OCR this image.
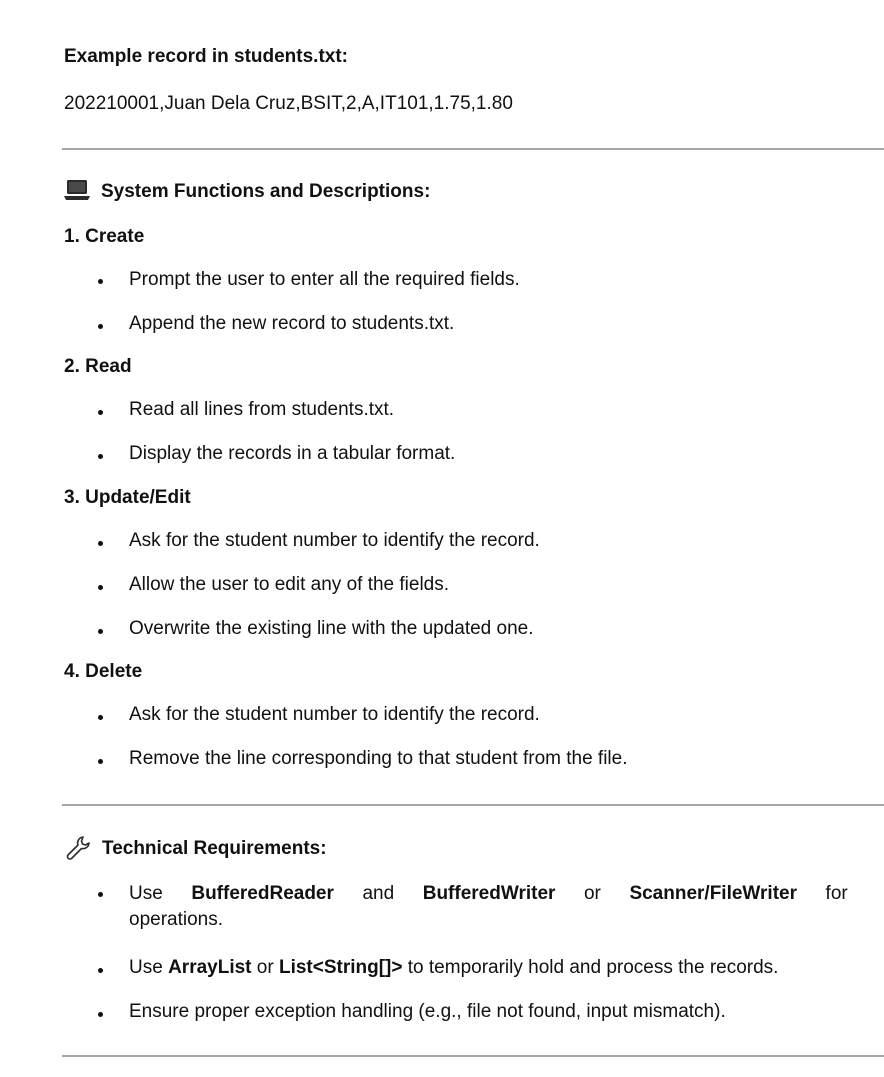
Example record in students.txt:
202210001,Juan Dela Cruz,BSIT,2,A,IT101,1.75,1.80
System Functions and Descriptions:
1. Create
Prompt the user to enter all the required fields.
Append the new record to students.txt.
2. Read
Read all lines from students.txt.
Display the records in a tabular format.
3. Update/Edit
Ask for the student number to identify the record.
Allow the user to edit any of the fields.
Overwrite the existing line with the updated one.
4. Delete
Ask for the student number to identify the record.
Remove the line corresponding to that student from the file.
Technical Requirements:
Use BufferedReader and BufferedWriter or Scanner/FileWriter for
operations.
Use ArrayList or List<String[]> to temporarily hold and process the records.
Ensure proper exception handling (e.g., file not found, input mismatch).
